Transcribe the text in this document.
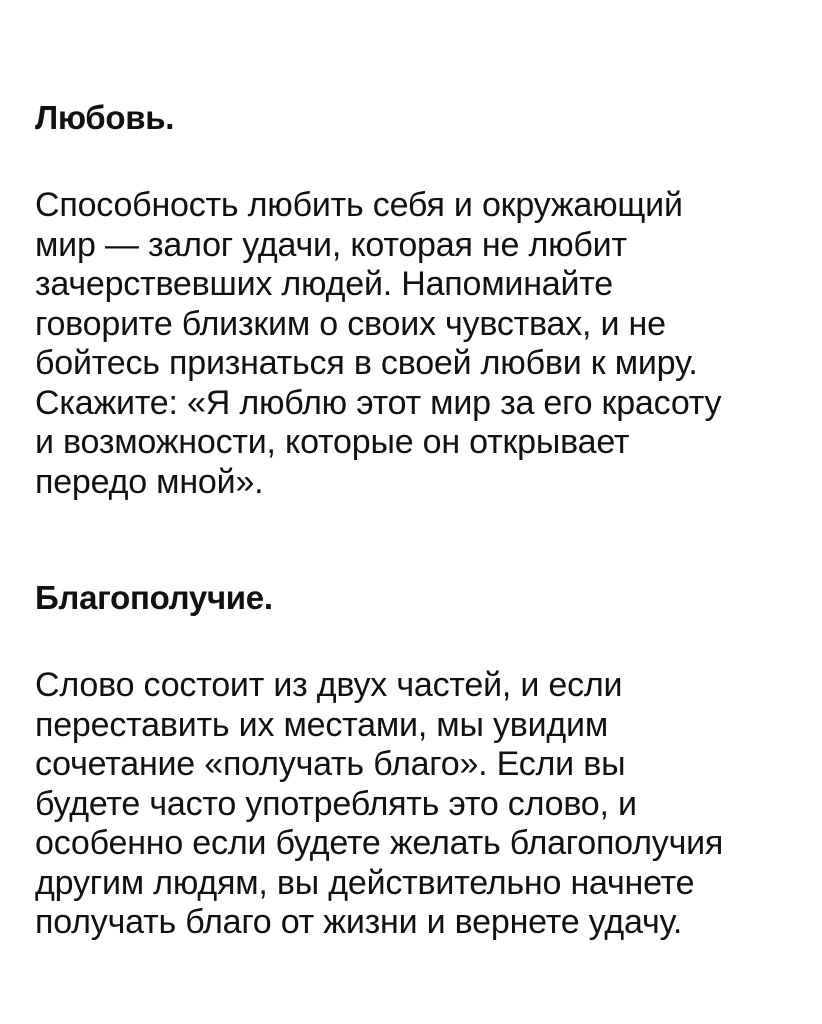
Любовь.

Способность любить себя и окружающий
мир — залог удачи, которая не любит
зачерствевших людей. Напоминайте
говорите близким о своих чувствах, и не
бойтесь признаться в своей любви к миру.
Скажите: «Я люблю этот мир за его красоту
и возможности, которые он открывает
передо мной».

Благополучие.

Слово состоит из двух частей, и если
переставить их местами, мы увидим
сочетание «получать благо». Если вы
будете часто употреблять это слово, и
особенно если будете желать благополучия
другим людям, вы действительно начнете
получать благо от жизни и вернете удачу.
